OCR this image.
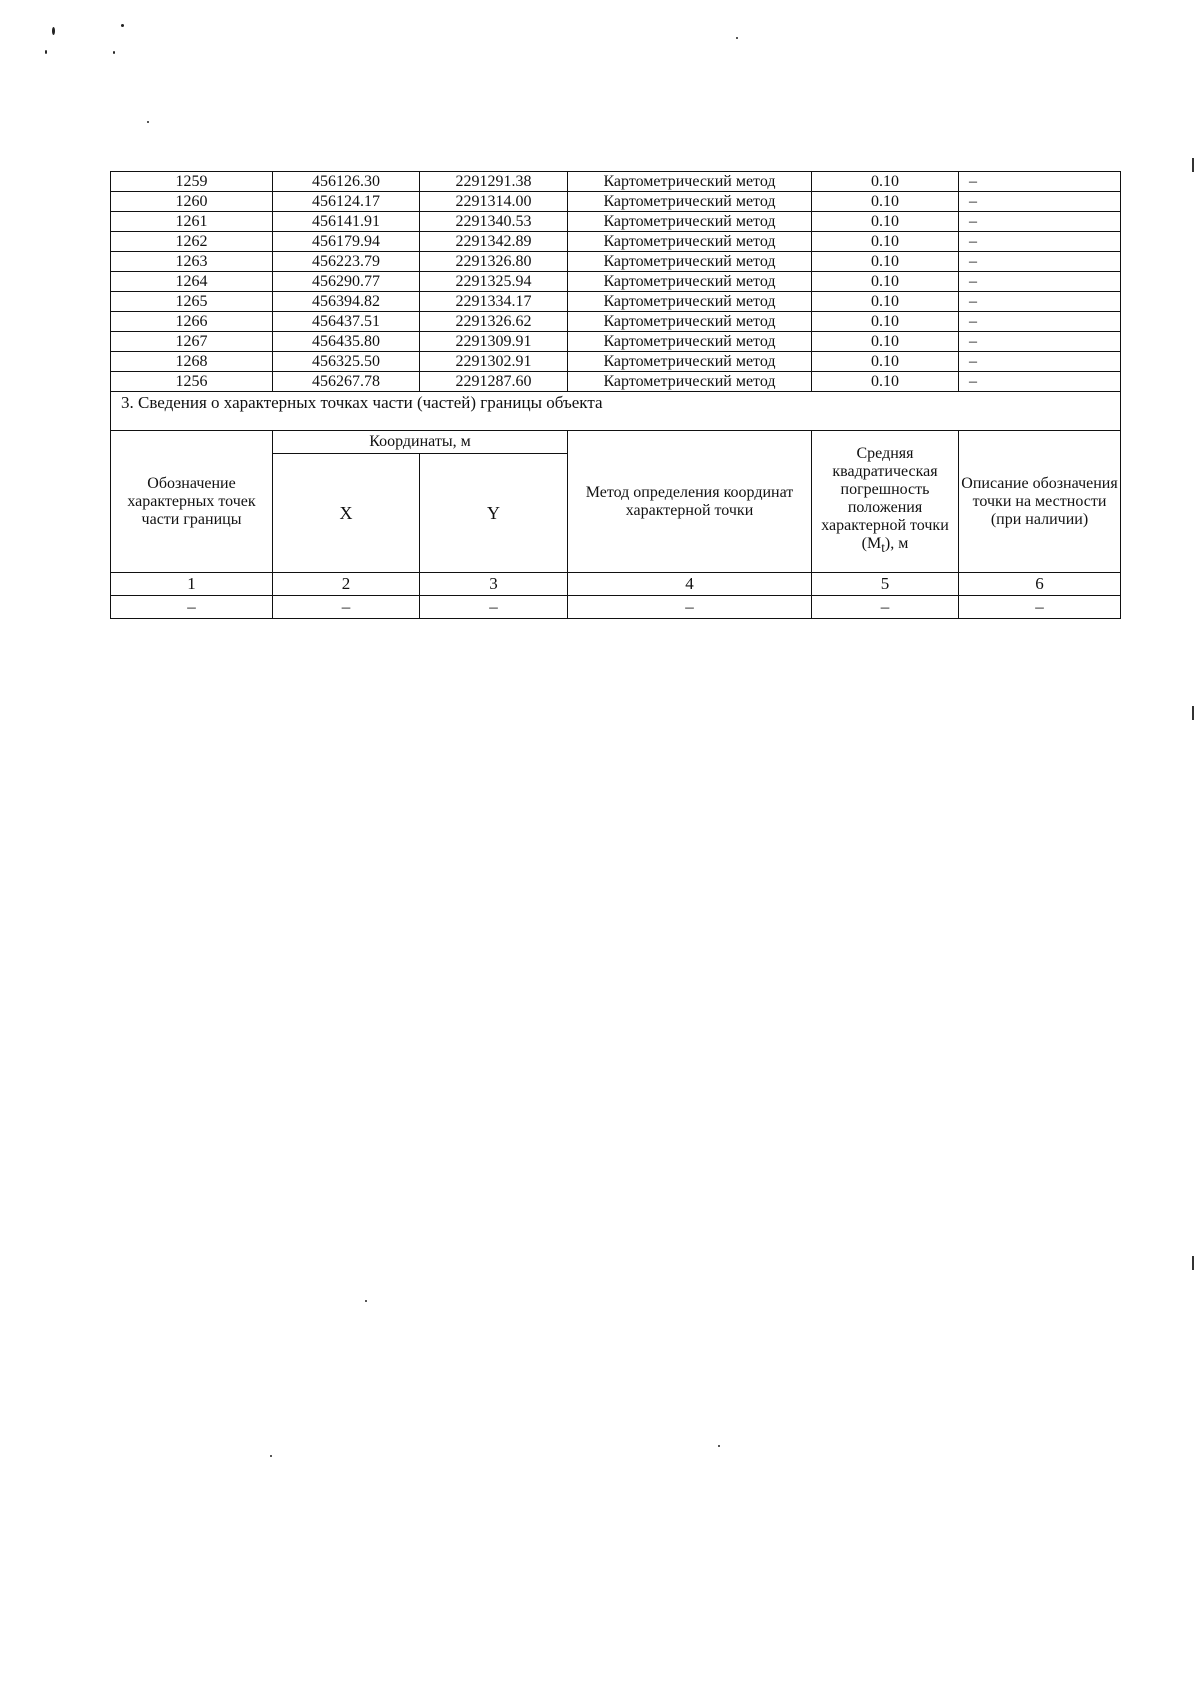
1259	456126.30	2291291.38	Картометрический метод	0.10	–
1260	456124.17	2291314.00	Картометрический метод	0.10	–
1261	456141.91	2291340.53	Картометрический метод	0.10	–
1262	456179.94	2291342.89	Картометрический метод	0.10	–
1263	456223.79	2291326.80	Картометрический метод	0.10	–
1264	456290.77	2291325.94	Картометрический метод	0.10	–
1265	456394.82	2291334.17	Картометрический метод	0.10	–
1266	456437.51	2291326.62	Картометрический метод	0.10	–
1267	456435.80	2291309.91	Картометрический метод	0.10	–
1268	456325.50	2291302.91	Картометрический метод	0.10	–
1256	456267.78	2291287.60	Картометрический метод	0.10	–
3. Сведения о характерных точках части (частей) границы объекта					
Обозначение характерных точек части границы	Координаты, м		Метод определения координат характерной точки	Средняя квадратическая погрешность положения характерной точки $(M_t)$, м	Описание обозначения точки на местности (при наличии)
	X	Y			
1	2	3	4	5	6
–	–	–	–	–	–
